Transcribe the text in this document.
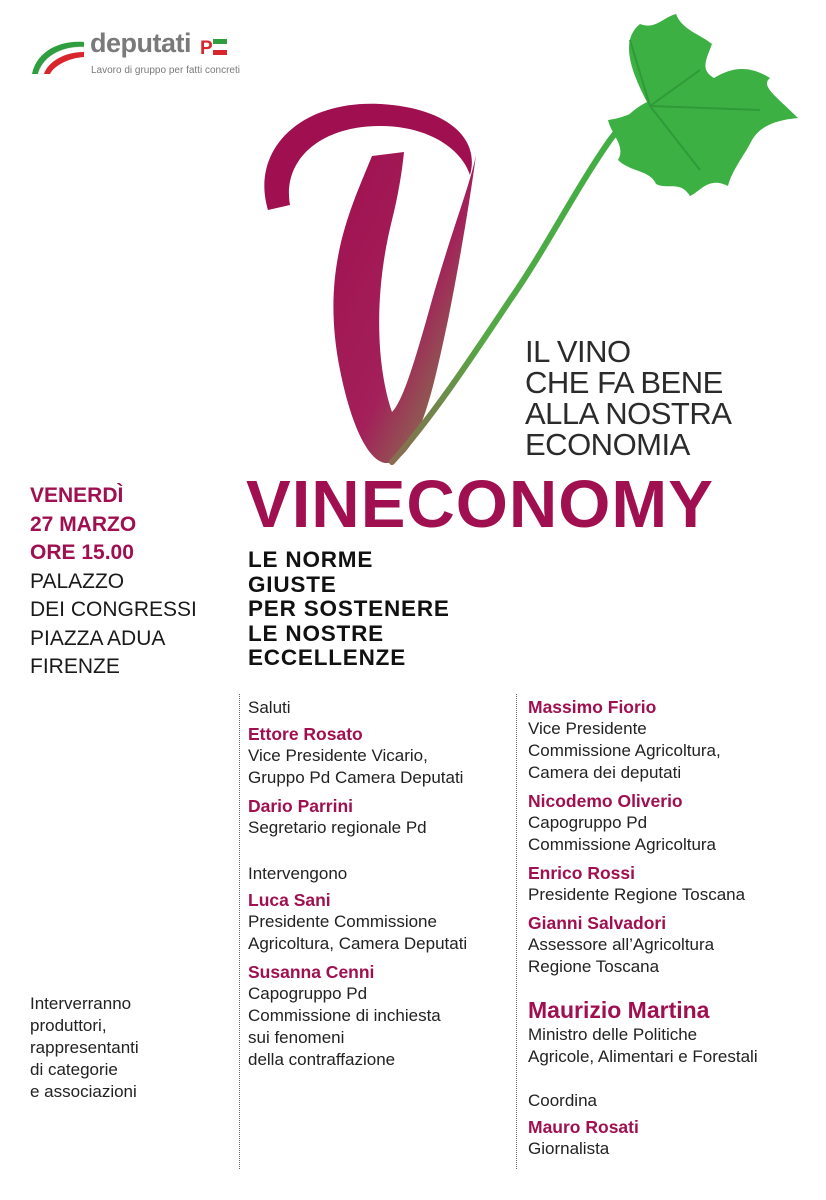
deputati P
Lavoro di gruppo per fatti concreti
IL VINO
CHE FA BENE
ALLA NOSTRA
ECONOMIA
VINECONOMY
VENERDÌ
27 MARZO
ORE 15.00
PALAZZO
DEI CONGRESSI
PIAZZA ADUA
FIRENZE
LE NORME
GIUSTE
PER SOSTENERE
LE NOSTRE
ECCELLENZE
Interverranno
produttori,
rappresentanti
di categorie
e associazioni
Saluti
Ettore Rosato
Vice Presidente Vicario,
Gruppo Pd Camera Deputati
Dario Parrini
Segretario regionale Pd
Intervengono
Luca Sani
Presidente Commissione
Agricoltura, Camera Deputati
Susanna Cenni
Capogruppo Pd
Commissione di inchiesta
sui fenomeni
della contraffazione
Massimo Fiorio
Vice Presidente
Commissione Agricoltura,
Camera dei deputati
Nicodemo Oliverio
Capogruppo Pd
Commissione Agricoltura
Enrico Rossi
Presidente Regione Toscana
Gianni Salvadori
Assessore all’Agricoltura
Regione Toscana
Maurizio Martina
Ministro delle Politiche
Agricole, Alimentari e Forestali
Coordina
Mauro Rosati
Giornalista
